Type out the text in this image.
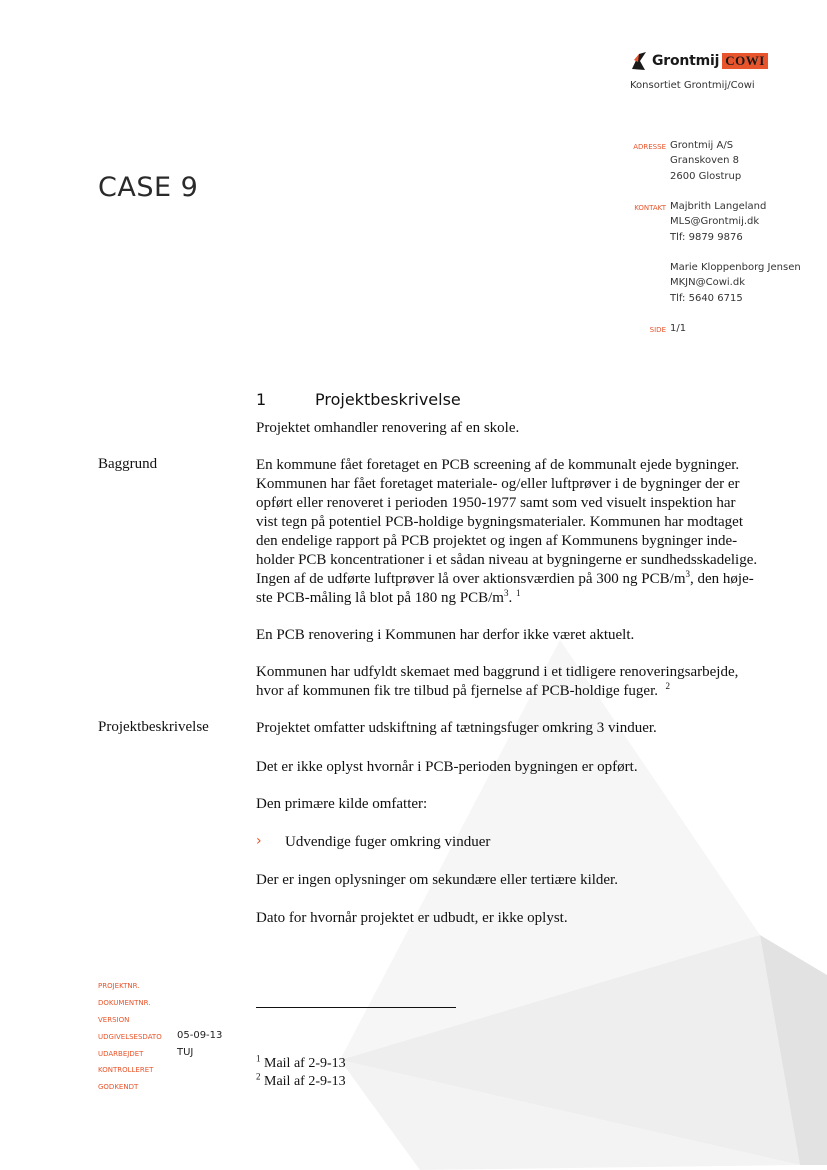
Grontmij COWI
Konsortiet Grontmij/Cowi
ADRESSE Grontmij A/S
Granskoven 8
2600 Glostrup
KONTAKT Majbrith Langeland
MLS@Grontmij.dk
Tlf: 9879 9876
Marie Kloppenborg Jensen
MKJN@Cowi.dk
Tlf: 5640 6715
SIDE 1/1
CASE 9
1	Projektbeskrivelse
Projektet omhandler renovering af en skole.
Baggrund	En kommune fået foretaget en PCB screening af de kommunalt ejede bygninger.
Kommunen har fået foretaget materiale- og/eller luftprøver i de bygninger der er
opført eller renoveret i perioden 1950-1977 samt som ved visuelt inspektion har
vist tegn på potentiel PCB-holdige bygningsmaterialer. Kommunen har modtaget
den endelige rapport på PCB projektet og ingen af Kommunens bygninger inde-
holder PCB koncentrationer i et sådan niveau at bygningerne er sundhedsskadelige.
Ingen af de udførte luftprøver lå over aktionsværdien på 300 ng PCB/$m^3$, den høje-
ste PCB-måling lå blot på 180 ng PCB/$m^3$. $^1$
En PCB renovering i Kommunen har derfor ikke været aktuelt.
Kommunen har udfyldt skemaet med baggrund i et tidligere renoveringsarbejde,
hvor af kommunen fik tre tilbud på fjernelse af PCB-holdige fuger. $^2$
Projektbeskrivelse	Projektet omfatter udskiftning af tætningsfuger omkring 3 vinduer.
Det er ikke oplyst hvornår i PCB-perioden bygningen er opført.
Den primære kilde omfatter:
› Udvendige fuger omkring vinduer
Der er ingen oplysninger om sekundære eller tertiære kilder.
Dato for hvornår projektet er udbudt, er ikke oplyst.
PROJEKTNR.
DOKUMENTNR.
VERSION
UDGIVELSESDATO 05-09-13
UDARBEJDET	TUJ
KONTROLLERET
GODKENDT
$^1$ Mail af 2-9-13
$^2$ Mail af 2-9-13
